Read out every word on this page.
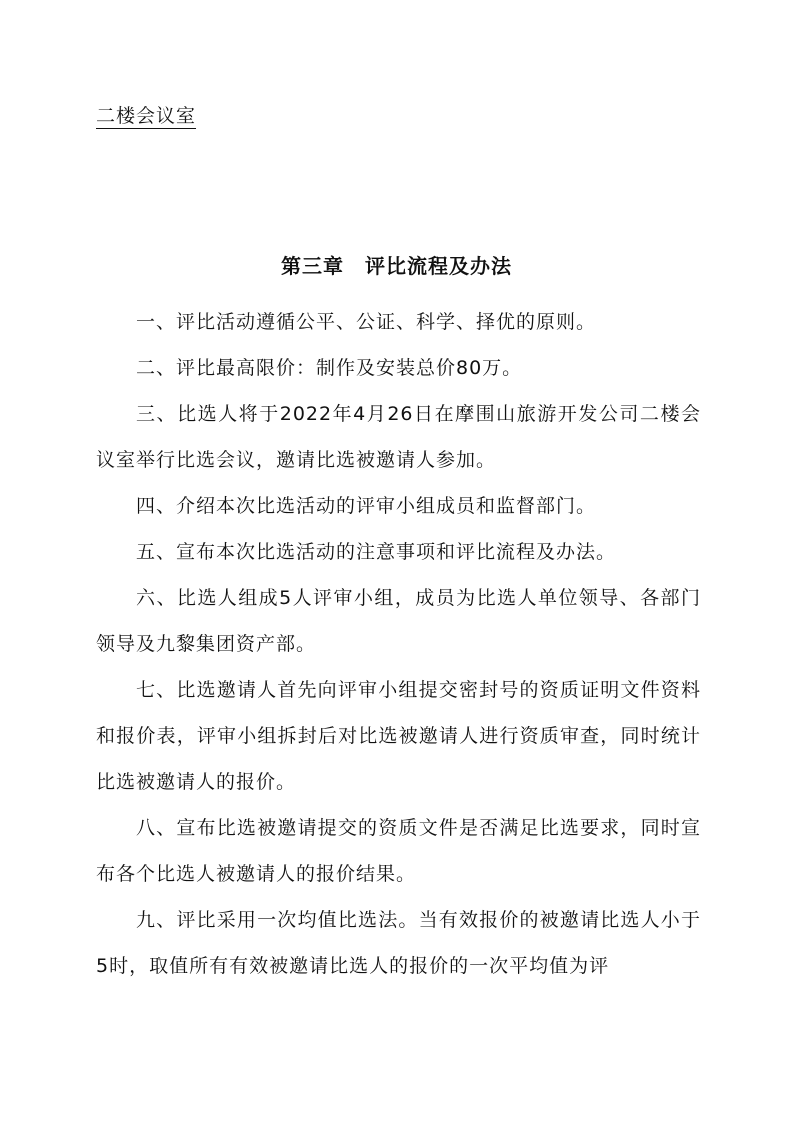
二楼会议室
第三章　评比流程及办法

一、评比活动遵循公平、公证、科学、择优的原则。

二、评比最高限价：制作及安装总价80万。

三、比选人将于2022年4月26日在摩围山旅游开发公司二楼会议室举行比选会议，邀请比选被邀请人参加。

四、介绍本次比选活动的评审小组成员和监督部门。

五、宣布本次比选活动的注意事项和评比流程及办法。

六、比选人组成5人评审小组，成员为比选人单位领导、各部门领导及九黎集团资产部。

七、比选邀请人首先向评审小组提交密封号的资质证明文件资料和报价表，评审小组拆封后对比选被邀请人进行资质审查，同时统计比选被邀请人的报价。

八、宣布比选被邀请提交的资质文件是否满足比选要求，同时宣布各个比选人被邀请人的报价结果。

九、评比采用一次均值比选法。当有效报价的被邀请比选人小于5时，取值所有有效被邀请比选人的报价的一次平均值为评
